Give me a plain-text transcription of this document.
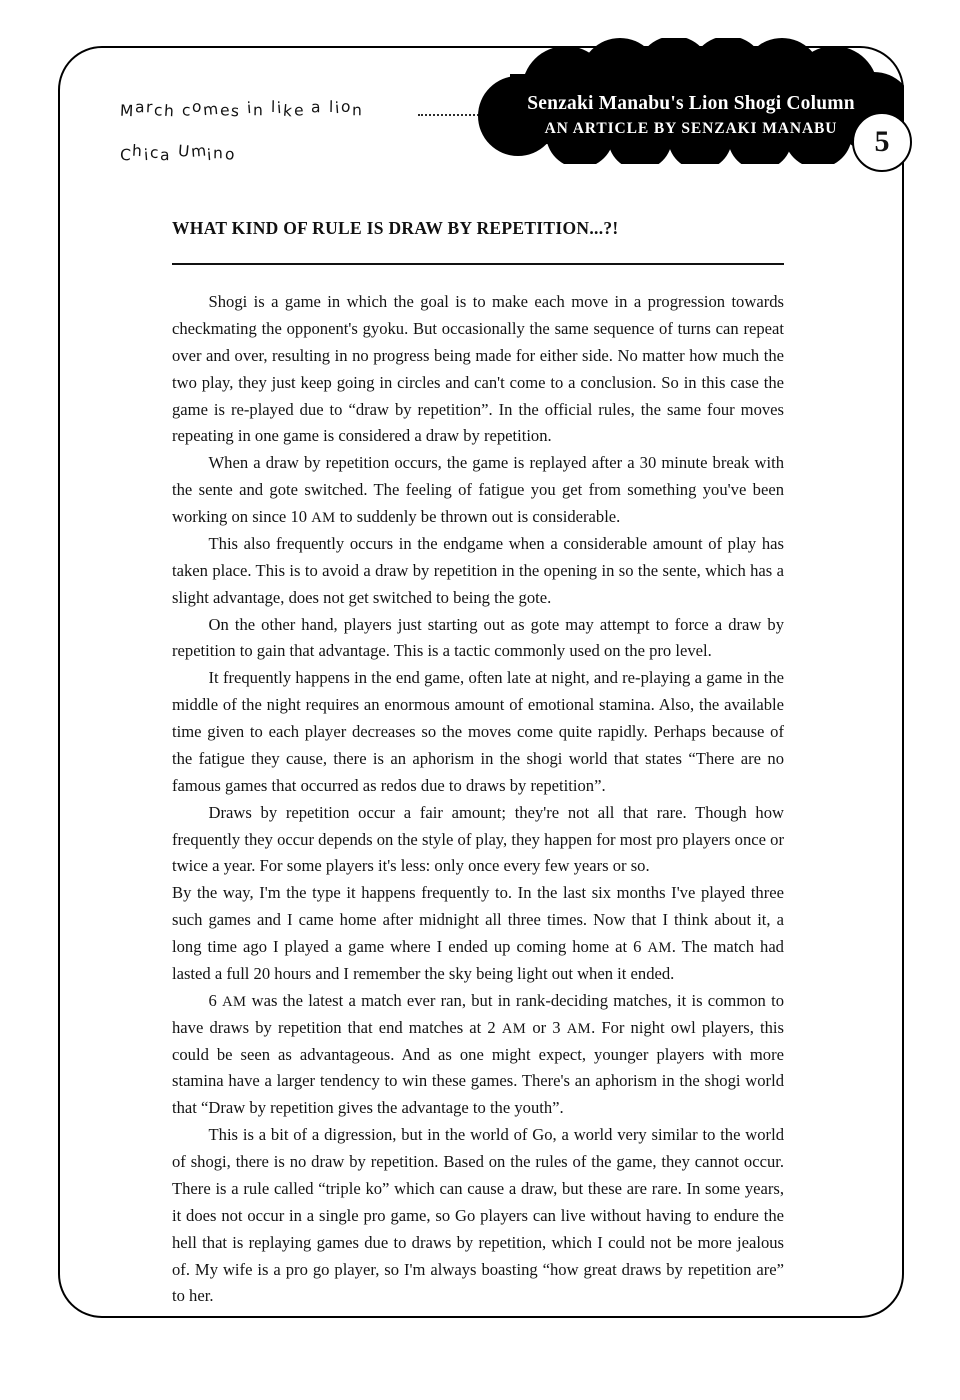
March comes in like a lion
Chica Umino
Senzaki Manabu's Lion Shogi Column
AN ARTICLE BY SENZAKI MANABU	5
WHAT KIND OF RULE IS DRAW BY REPETITION...?!

Shogi is a game in which the goal is to make each move in a progression towards checkmating the opponent's gyoku. But occasionally the same sequence of turns can repeat over and over, resulting in no progress being made for either side. No matter how much the two play, they just keep going in circles and can't come to a conclusion. So in this case the game is re-played due to “draw by repetition”. In the official rules, the same four moves repeating in one game is considered a draw by repetition.

When a draw by repetition occurs, the game is replayed after a 30 minute break with the sente and gote switched. The feeling of fatigue you get from something you've been working on since 10 AM to suddenly be thrown out is considerable.

This also frequently occurs in the endgame when a considerable amount of play has taken place. This is to avoid a draw by repetition in the opening in so the sente, which has a slight advantage, does not get switched to being the gote.

On the other hand, players just starting out as gote may attempt to force a draw by repetition to gain that advantage. This is a tactic commonly used on the pro level.

It frequently happens in the end game, often late at night, and re-playing a game in the middle of the night requires an enormous amount of emotional stamina. Also, the available time given to each player decreases so the moves come quite rapidly. Perhaps because of the fatigue they cause, there is an aphorism in the shogi world that states “There are no famous games that occurred as redos due to draws by repetition”.

Draws by repetition occur a fair amount; they're not all that rare. Though how frequently they occur depends on the style of play, they happen for most pro players once or twice a year. For some players it's less: only once every few years or so.

By the way, I'm the type it happens frequently to. In the last six months I've played three such games and I came home after midnight all three times. Now that I think about it, a long time ago I played a game where I ended up coming home at 6 AM. The match had lasted a full 20 hours and I remember the sky being light out when it ended.

6 AM was the latest a match ever ran, but in rank-deciding matches, it is common to have draws by repetition that end matches at 2 AM or 3 AM. For night owl players, this could be seen as advantageous. And as one might expect, younger players with more stamina have a larger tendency to win these games. There's an aphorism in the shogi world that “Draw by repetition gives the advantage to the youth”.

This is a bit of a digression, but in the world of Go, a world very similar to the world of shogi, there is no draw by repetition. Based on the rules of the game, they cannot occur. There is a rule called “triple ko” which can cause a draw, but these are rare. In some years, it does not occur in a single pro game, so Go players can live without having to endure the hell that is replaying games due to draws by repetition, which I could not be more jealous of. My wife is a pro go player, so I'm always boasting “how great draws by repetition are” to her.
